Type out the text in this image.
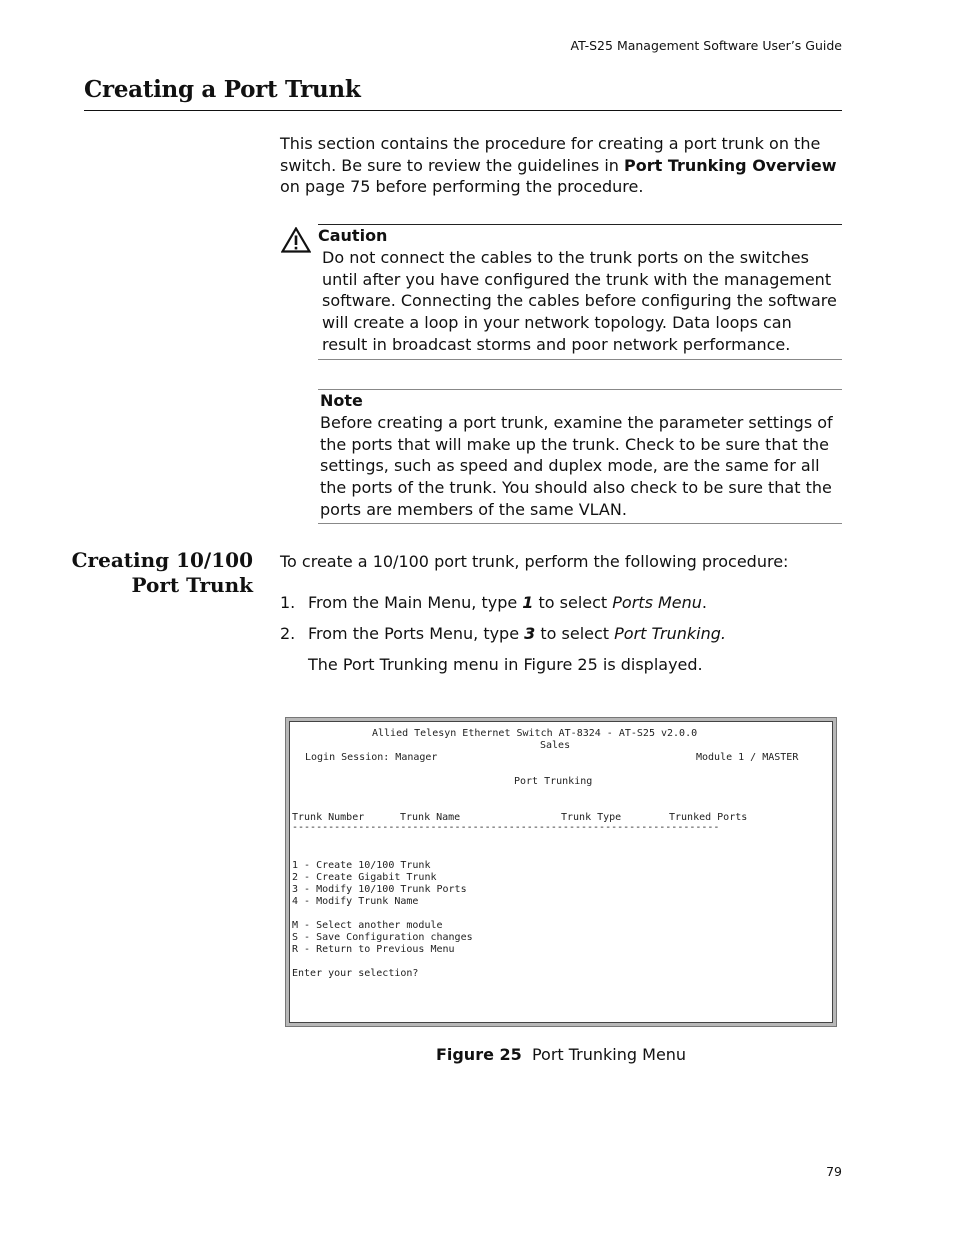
AT-S25 Management Software User’s Guide
Creating a Port Trunk
This section contains the procedure for creating a port trunk on the switch. Be sure to review the guidelines in Port Trunking Overview on page 75 before performing the procedure.
Caution
Do not connect the cables to the trunk ports on the switches until after you have configured the trunk with the management software. Connecting the cables before configuring the software will create a loop in your network topology. Data loops can result in broadcast storms and poor network performance.
Note
Before creating a port trunk, examine the parameter settings of the ports that will make up the trunk. Check to be sure that the settings, such as speed and duplex mode, are the same for all the ports of the trunk. You should also check to be sure that the ports are members of the same VLAN.
Creating 10/100
Port Trunk
To create a 10/100 port trunk, perform the following procedure:
1. From the Main Menu, type 1 to select Ports Menu.
2. From the Ports Menu, type 3 to select Port Trunking.
The Port Trunking menu in Figure 25 is displayed.
Allied Telesyn Ethernet Switch AT-8324 - AT-S25 v2.0.0
Sales
Login Session: Manager	Module 1 / MASTER
Port Trunking
Trunk Number	Trunk Name	Trunk Type	Trunked Ports
-----------------------------------------------------------------------
1 - Create 10/100 Trunk
2 - Create Gigabit Trunk
3 - Modify 10/100 Trunk Ports
4 - Modify Trunk Name
M - Select another module
S - Save Configuration changes
R - Return to Previous Menu
Enter your selection?
Figure 25 Port Trunking Menu
79
